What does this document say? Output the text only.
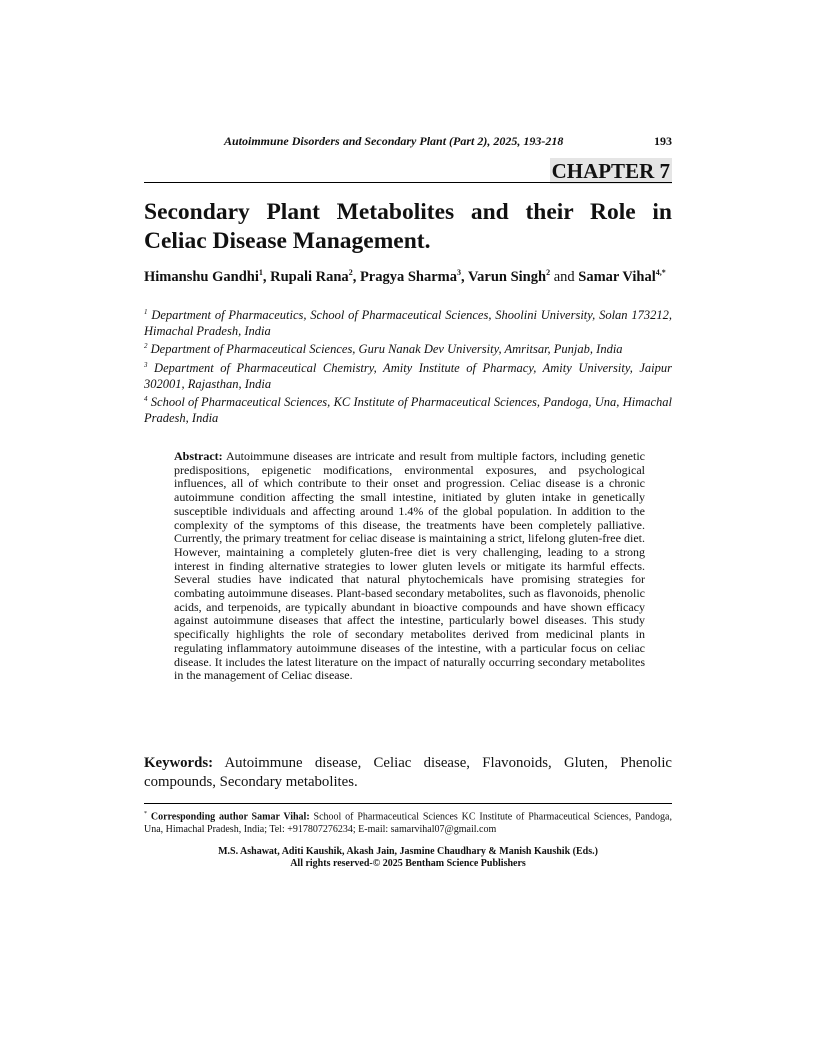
Autoimmune Disorders and Secondary Plant (Part 2), 2025, 193-218	193
CHAPTER 7
Secondary Plant Metabolites and their Role in Celiac Disease Management.

Himanshu Gandhi$^1$, Rupali Rana$^2$, Pragya Sharma$^3$, Varun Singh$^2$ and Samar Vihal$^{4,*}$

$^1$ Department of Pharmaceutics, School of Pharmaceutical Sciences, Shoolini University, Solan 173212, Himachal Pradesh, India

$^2$ Department of Pharmaceutical Sciences, Guru Nanak Dev University, Amritsar, Punjab, India

$^3$ Department of Pharmaceutical Chemistry, Amity Institute of Pharmacy, Amity University, Jaipur 302001, Rajasthan, India

$^4$ School of Pharmaceutical Sciences, KC Institute of Pharmaceutical Sciences, Pandoga, Una, Himachal Pradesh, India

Abstract: Autoimmune diseases are intricate and result from multiple factors, including genetic predispositions, epigenetic modifications, environmental exposures, and psychological influences, all of which contribute to their onset and progression. Celiac disease is a chronic autoimmune condition affecting the small intestine, initiated by gluten intake in genetically susceptible individuals and affecting around 1.4% of the global population. In addition to the complexity of the symptoms of this disease, the treatments have been completely palliative. Currently, the primary treatment for celiac disease is maintaining a strict, lifelong gluten-free diet. However, maintaining a completely gluten-free diet is very challenging, leading to a strong interest in finding alternative strategies to lower gluten levels or mitigate its harmful effects. Several studies have indicated that natural phytochemicals have promising strategies for combating autoimmune diseases. Plant-based secondary metabolites, such as flavonoids, phenolic acids, and terpenoids, are typically abundant in bioactive compounds and have shown efficacy against autoimmune diseases that affect the intestine, particularly bowel diseases. This study specifically highlights the role of secondary metabolites derived from medicinal plants in regulating inflammatory autoimmune diseases of the intestine, with a particular focus on celiac disease. It includes the latest literature on the impact of naturally occurring secondary metabolites in the management of Celiac disease.

Keywords: Autoimmune disease, Celiac disease, Flavonoids, Gluten, Phenolic compounds, Secondary metabolites.

* Corresponding author Samar Vihal: School of Pharmaceutical Sciences KC Institute of Pharmaceutical Sciences, Pandoga, Una, Himachal Pradesh, India; Tel: +917807276234; E-mail: samarvihal07@gmail.com

M.S. Ashawat, Aditi Kaushik, Akash Jain, Jasmine Chaudhary & Manish Kaushik (Eds.)
All rights reserved-© 2025 Bentham Science Publishers
